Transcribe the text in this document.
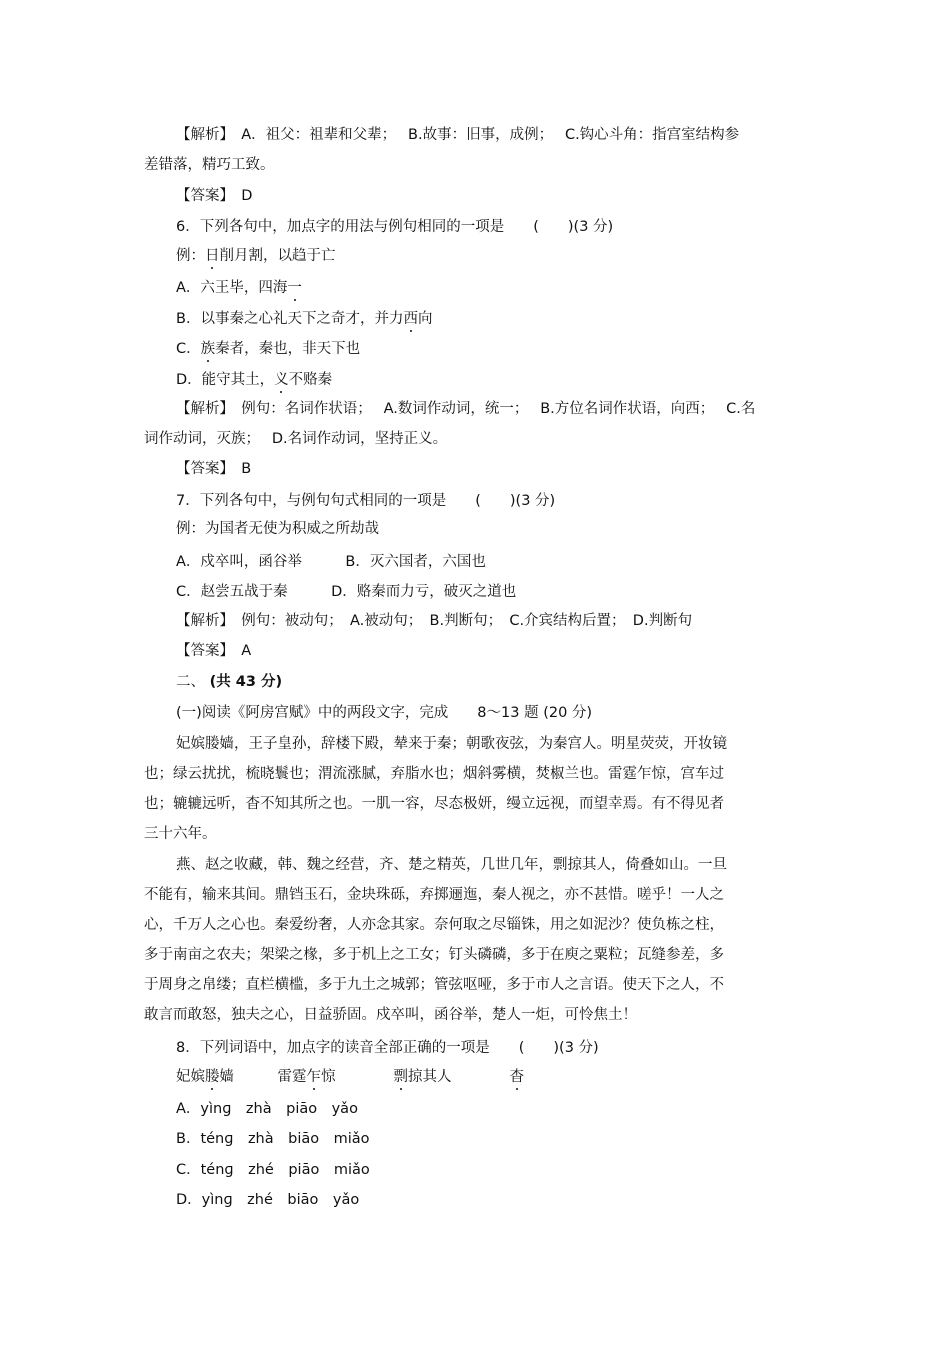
【解析】　A．祖父：祖辈和父辈；　 B.故事：旧事，成例；　 C.钩心斗角：指宫室结构参
差错落，精巧工致。
【答案】　D
6．下列各句中，加点字的用法与例句相同的一项是　　(　　)(3 分)
例：日削月割，以趋于亡
A．六王毕，四海一
B．以事秦之心礼天下之奇才，并力西向
C．族秦者，秦也，非天下也
D．能守其土，义不赂秦
【解析】　例句：名词作状语；　 A.数词作动词，统一；　 B.方位名词作状语，向西；　 C.名
词作动词，灭族；　 D.名词作动词，坚持正义。
【答案】　B
7．下列各句中，与例句句式相同的一项是　　(　　)(3 分)
例：为国者无使为积威之所劫哉
A．戍卒叫，函谷举　　　B．灭六国者，六国也
C．赵尝五战于秦　　　D．赂秦而力亏，破灭之道也
【解析】　例句：被动句；　A.被动句；　B.判断句；　C.介宾结构后置；　D.判断句
【答案】　A
二、 (共 43 分)
(一)阅读《阿房宫赋》中的两段文字，完成　　8～13 题 (20 分)
妃嫔媵嫱，王子皇孙，辞楼下殿，辇来于秦；朝歌夜弦，为秦宫人。明星荧荧，开妆镜
也；绿云扰扰，梳晓鬟也；渭流涨腻，弃脂水也；烟斜雾横，焚椒兰也。雷霆乍惊，宫车过
也；辘辘远听，杳不知其所之也。一肌一容，尽态极妍，缦立远视，而望幸焉。有不得见者
三十六年。
燕、赵之收藏，韩、魏之经营，齐、楚之精英，几世几年，剽掠其人，倚叠如山。一旦
不能有，输来其间。鼎铛玉石，金块珠砾，弃掷逦迤，秦人视之，亦不甚惜。嗟乎！一人之
心，千万人之心也。秦爱纷奢，人亦念其家。奈何取之尽锱铢，用之如泥沙？使负栋之柱，
多于南亩之农夫；架梁之椽，多于机上之工女；钉头磷磷，多于在庾之粟粒；瓦缝参差，多
于周身之帛缕；直栏横槛，多于九土之城郭；管弦呕哑，多于市人之言语。使天下之人，不
敢言而敢怒，独夫之心，日益骄固。戍卒叫，函谷举，楚人一炬，可怜焦土！
8．下列词语中，加点字的读音全部正确的一项是　　(　　)(3 分)
妃嫔媵嫱　　　雷霆乍惊　　　　剽掠其人　　　　杳
A．yìnɡ　zhà　piāo　yǎo
B．ténɡ　zhà　biāo　miǎo
C．ténɡ　zhé　piāo　miǎo
D．yìnɡ　zhé　biāo　yǎo
